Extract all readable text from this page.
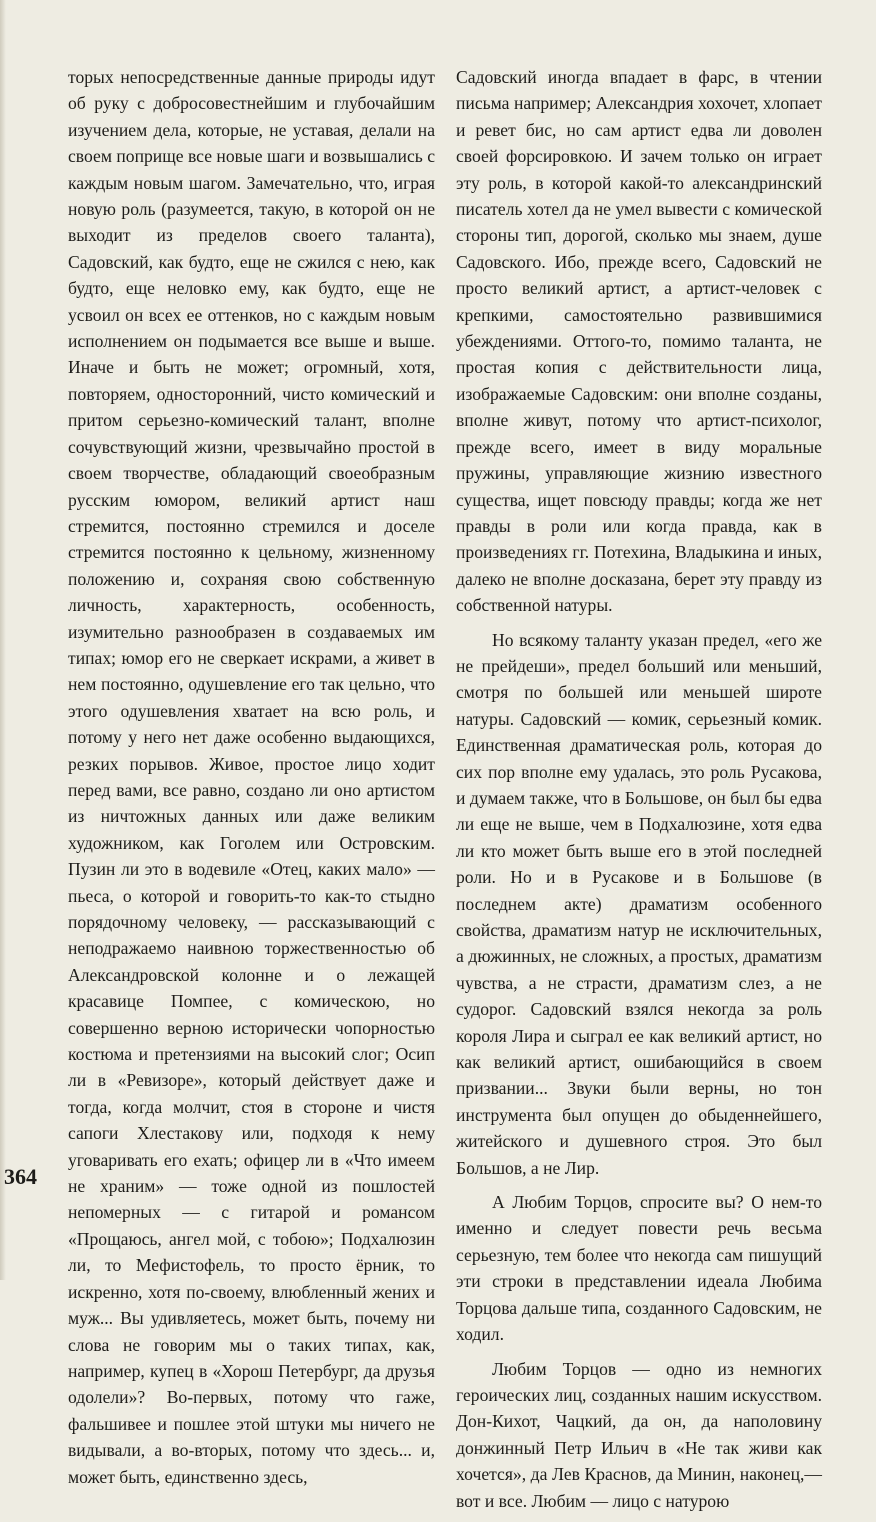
торых непосредственные данные природы идут об руку с добросовестнейшим и глубочайшим изучением дела, которые, не уставая, делали на своем поприще все новые шаги и возвышались с каждым новым шагом. Замечательно, что, играя новую роль (разумеется, такую, в которой он не выходит из пределов своего таланта), Садовский, как будто, еще не сжился с нею, как будто, еще неловко ему, как будто, еще не усвоил он всех ее оттенков, но с каждым новым исполнением он подымается все выше и выше. Иначе и быть не может; огромный, хотя, повторяем, односторонний, чисто комический и притом серьезно-комический талант, вполне сочувствующий жизни, чрезвычайно простой в своем творчестве, обладающий своеобразным русским юмором, великий артист наш стремится, постоянно стремился и доселе стремится постоянно к цельному, жизненному положению и, сохраняя свою собственную личность, характерность, особенность, изумительно разнообразен в создаваемых им типах; юмор его не сверкает искрами, а живет в нем постоянно, одушевление его так цельно, что этого одушевления хватает на всю роль, и потому у него нет даже особенно выдающихся, резких порывов. Живое, простое лицо ходит перед вами, все равно, создано ли оно артистом из ничтожных данных или даже великим художником, как Гоголем или Островским. Пузин ли это в водевиле «Отец, каких мало» — пьеса, о которой и говорить-то как-то стыдно порядочному человеку, — рассказывающий с неподражаемо наивною торжественностью об Александровской колонне и о лежащей красавице Помпее, с комическою, но совершенно верною исторически чопорностью костюма и претензиями на высокий слог; Осип ли в «Ревизоре», который действует даже и тогда, когда молчит, стоя в стороне и чистя сапоги Хлестакову или, подходя к нему уговаривать его ехать; офицер ли в «Что имеем не храним» — тоже одной из пошлостей непомерных — с гитарой и романсом «Прощаюсь, ангел мой, с тобою»; Подхалюзин ли, то Мефистофель, то просто ёрник, то искренно, хотя по-своему, влюбленный жених и муж... Вы удивляетесь, может быть, почему ни слова не говорим мы о таких типах, как, например, купец в «Хорош Петербург, да друзья одолели»? Во-первых, потому что гаже, фальшивее и пошлее этой штуки мы ничего не видывали, а во-вторых, потому что здесь... и, может быть, единственно здесь,

Садовский иногда впадает в фарс, в чтении письма например; Александрия хохочет, хлопает и ревет бис, но сам артист едва ли доволен своей форсировкою. И зачем только он играет эту роль, в которой какой-то александринский писатель хотел да не умел вывести с комической стороны тип, дорогой, сколько мы знаем, душе Садовского. Ибо, прежде всего, Садовский не просто великий артист, а артист-человек с крепкими, самостоятельно развившимися убеждениями. Оттого-то, помимо таланта, не простая копия с действительности лица, изображаемые Садовским: они вполне созданы, вполне живут, потому что артист-психолог, прежде всего, имеет в виду моральные пружины, управляющие жизнию известного существа, ищет повсюду правды; когда же нет правды в роли или когда правда, как в произведениях гг. Потехина, Владыкина и иных, далеко не вполне досказана, берет эту правду из собственной натуры.

Но всякому таланту указан предел, «его же не прейдеши», предел больший или меньший, смотря по большей или меньшей широте натуры. Садовский — комик, серьезный комик. Единственная драматическая роль, которая до сих пор вполне ему удалась, это роль Русакова, и думаем также, что в Большове, он был бы едва ли еще не выше, чем в Подхалюзине, хотя едва ли кто может быть выше его в этой последней роли. Но и в Русакове и в Большове (в последнем акте) драматизм особенного свойства, драматизм натур не исключительных, а дюжинных, не сложных, а простых, драматизм чувства, а не страсти, драматизм слез, а не судорог. Садовский взялся некогда за роль короля Лира и сыграл ее как великий артист, но как великий артист, ошибающийся в своем призвании... Звуки были верны, но тон инструмента был опущен до обыденнейшего, житейского и душевного строя. Это был Большов, а не Лир.

А Любим Торцов, спросите вы? О нем-то именно и следует повести речь весьма серьезную, тем более что некогда сам пишущий эти строки в представлении идеала Любима Торцова дальше типа, созданного Садовским, не ходил.

Любим Торцов — одно из немногих героических лиц, созданных нашим искусством. Дон-Кихот, Чацкий, да он, да наполовину донжинный Петр Ильич в «Не так живи как хочется», да Лев Краснов, да Минин, наконец,— вот и все. Любим — лицо с натурою

364
